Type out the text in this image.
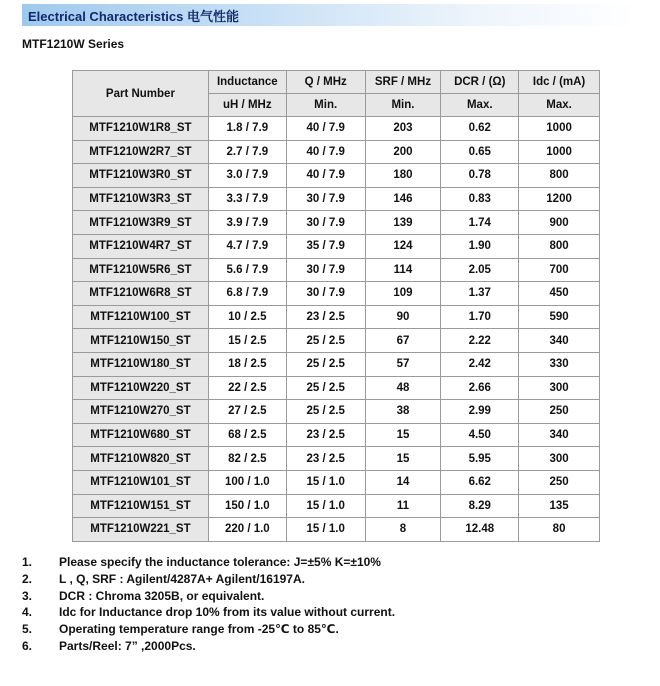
Electrical Characteristics 电气性能
MTF1210W Series
Part Number	Inductance	Q / MHz	SRF / MHz	DCR / (Ω)	Idc / (mA)
	uH / MHz	Min.	Min.	Max.	Max.
MTF1210W1R8_ST	1.8 / 7.9	40 / 7.9	203	0.62	1000
MTF1210W2R7_ST	2.7 / 7.9	40 / 7.9	200	0.65	1000
MTF1210W3R0_ST	3.0 / 7.9	40 / 7.9	180	0.78	800
MTF1210W3R3_ST	3.3 / 7.9	30 / 7.9	146	0.83	1200
MTF1210W3R9_ST	3.9 / 7.9	30 / 7.9	139	1.74	900
MTF1210W4R7_ST	4.7 / 7.9	35 / 7.9	124	1.90	800
MTF1210W5R6_ST	5.6 / 7.9	30 / 7.9	114	2.05	700
MTF1210W6R8_ST	6.8 / 7.9	30 / 7.9	109	1.37	450
MTF1210W100_ST	10 / 2.5	23 / 2.5	90	1.70	590
MTF1210W150_ST	15 / 2.5	25 / 2.5	67	2.22	340
MTF1210W180_ST	18 / 2.5	25 / 2.5	57	2.42	330
MTF1210W220_ST	22 / 2.5	25 / 2.5	48	2.66	300
MTF1210W270_ST	27 / 2.5	25 / 2.5	38	2.99	250
MTF1210W680_ST	68 / 2.5	23 / 2.5	15	4.50	340
MTF1210W820_ST	82 / 2.5	23 / 2.5	15	5.95	300
MTF1210W101_ST	100 / 1.0	15 / 1.0	14	6.62	250
MTF1210W151_ST	150 / 1.0	15 / 1.0	11	8.29	135
MTF1210W221_ST	220 / 1.0	15 / 1.0	8	12.48	80
1.	Please specify the inductance tolerance: J=±5% K=±10%
2.	L , Q, SRF : Agilent/4287A+ Agilent/16197A.
3.	DCR : Chroma 3205B, or equivalent.
4.	Idc for Inductance drop 10% from its value without current.
5.	Operating temperature range from -25℃ to 85℃.
6.	Parts/Reel: 7” ,2000Pcs.
